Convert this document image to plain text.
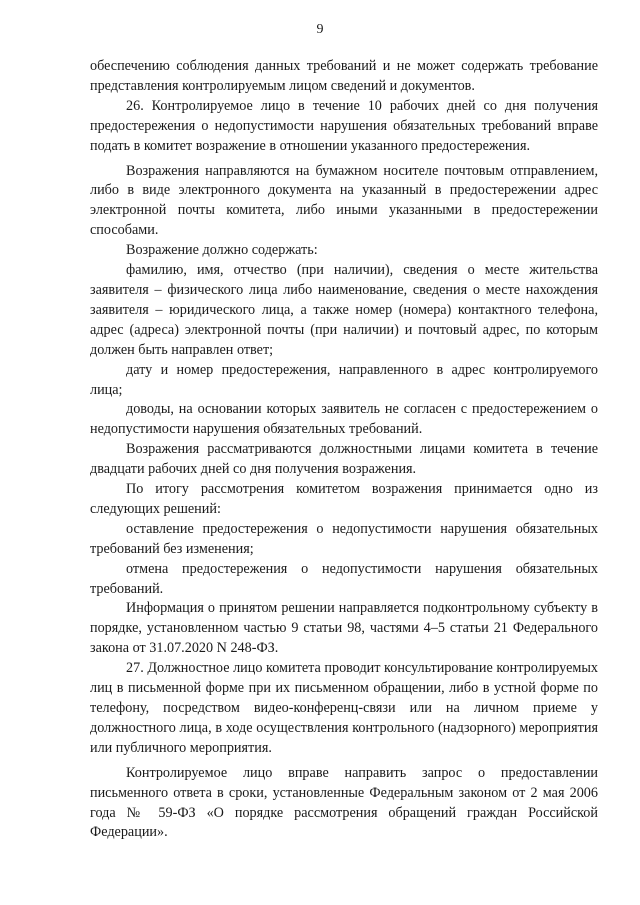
9

обеспечению соблюдения данных требований и не может содержать требование представления контролируемым лицом сведений и документов.

26. Контролируемое лицо в течение 10 рабочих дней со дня получения предостережения о недопустимости нарушения обязательных требований вправе подать в комитет возражение в отношении указанного предостережения.

Возражения направляются на бумажном носителе почтовым отправлением, либо в виде электронного документа на указанный в предостережении адрес электронной почты комитета, либо иными указанными в предостережении способами.

Возражение должно содержать:

фамилию, имя, отчество (при наличии), сведения о месте жительства заявителя – физического лица либо наименование, сведения о месте нахождения заявителя – юридического лица, а также номер (номера) контактного телефона, адрес (адреса) электронной почты (при наличии) и почтовый адрес, по которым должен быть направлен ответ;

дату и номер предостережения, направленного в адрес контролируемого лица;

доводы, на основании которых заявитель не согласен с предостережением о недопустимости нарушения обязательных требований.

Возражения рассматриваются должностными лицами комитета в течение двадцати рабочих дней со дня получения возражения.

По итогу рассмотрения комитетом возражения принимается одно из следующих решений:

оставление предостережения о недопустимости нарушения обязательных требований без изменения;

отмена предостережения о недопустимости нарушения обязательных требований.

Информация о принятом решении направляется подконтрольному субъекту в порядке, установленном частью 9 статьи 98, частями 4–5 статьи 21 Федерального закона от 31.07.2020 N 248-ФЗ.

27. Должностное лицо комитета проводит консультирование контролируемых лиц в письменной форме при их письменном обращении, либо в устной форме по телефону, посредством видео-конференц-связи или на личном приеме у должностного лица, в ходе осуществления контрольного (надзорного) мероприятия или публичного мероприятия.

Контролируемое лицо вправе направить запрос о предоставлении письменного ответа в сроки, установленные Федеральным законом от 2 мая 2006 года № 59-ФЗ «О порядке рассмотрения обращений граждан Российской Федерации».
